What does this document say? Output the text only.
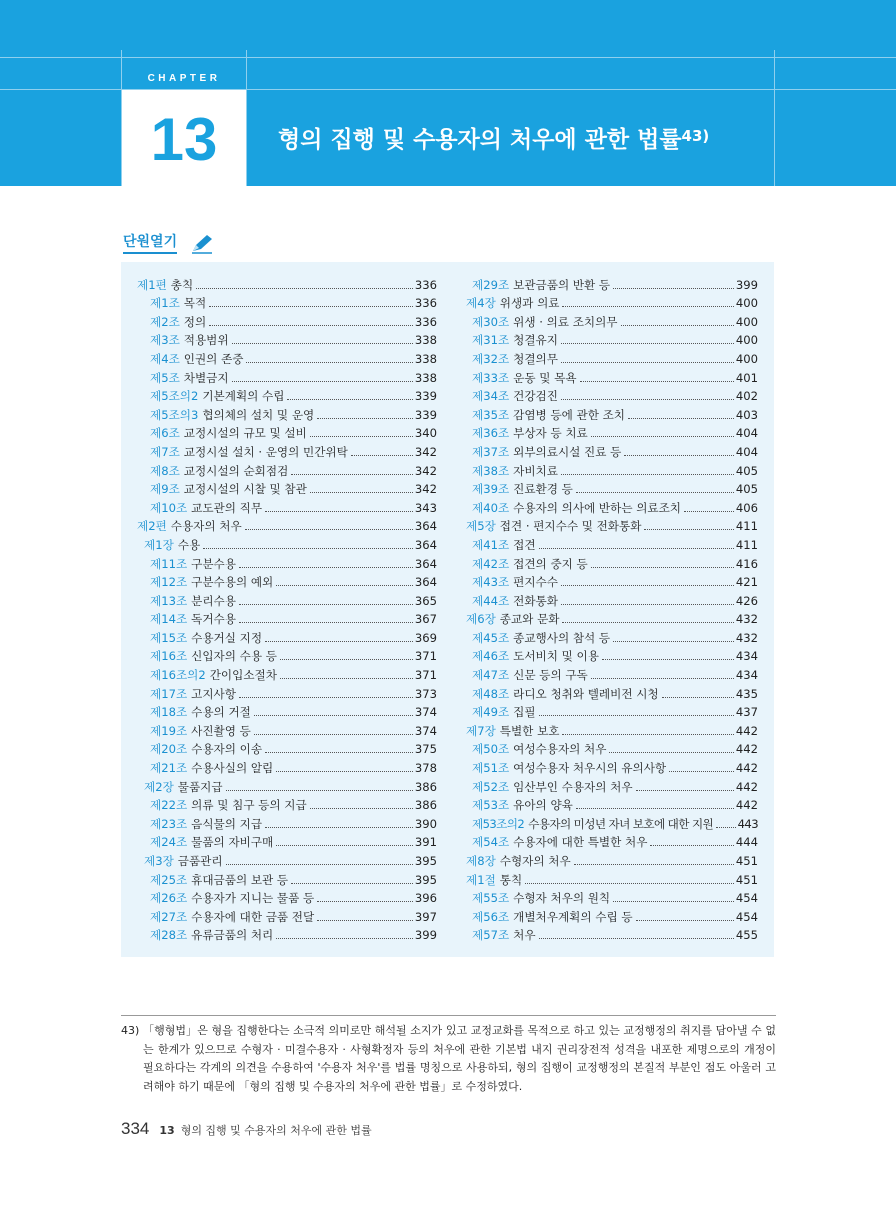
CHAPTER
13	형의 집행 및 수용자의 처우에 관한 법률$^{43)}$
단원열기
제1편 총칙	336
제1조 목적	336
제2조 정의	336
제3조 적용범위	338
제4조 인권의 존중	338
제5조 차별금지	338
제5조의2 기본계획의 수립	339
제5조의3 협의체의 설치 및 운영	339
제6조 교정시설의 규모 및 설비	340
제7조 교정시설 설치 · 운영의 민간위탁	342
제8조 교정시설의 순회점검	342
제9조 교정시설의 시찰 및 참관	342
제10조 교도관의 직무	343
제2편 수용자의 처우	364
제1장 수용	364
제11조 구분수용	364
제12조 구분수용의 예외	364
제13조 분리수용	365
제14조 독거수용	367
제15조 수용거실 지정	369
제16조 신입자의 수용 등	371
제16조의2 간이입소절차	371
제17조 고지사항	373
제18조 수용의 거절	374
제19조 사진촬영 등	374
제20조 수용자의 이송	375
제21조 수용사실의 알림	378
제2장 물품지급	386
제22조 의류 및 침구 등의 지급	386
제23조 음식물의 지급	390
제24조 물품의 자비구매	391
제3장 금품관리	395
제25조 휴대금품의 보관 등	395
제26조 수용자가 지니는 물품 등	396
제27조 수용자에 대한 금품 전달	397
제28조 유류금품의 처리	399
제29조 보관금품의 반환 등	399
제4장 위생과 의료	400
제30조 위생 · 의료 조치의무	400
제31조 청결유지	400
제32조 청결의무	400
제33조 운동 및 목욕	401
제34조 건강검진	402
제35조 감염병 등에 관한 조치	403
제36조 부상자 등 치료	404
제37조 외부의료시설 진료 등	404
제38조 자비치료	405
제39조 진료환경 등	405
제40조 수용자의 의사에 반하는 의료조치	406
제5장 접견 · 편지수수 및 전화통화	411
제41조 접견	411
제42조 접견의 중지 등	416
제43조 편지수수	421
제44조 전화통화	426
제6장 종교와 문화	432
제45조 종교행사의 참석 등	432
제46조 도서비치 및 이용	434
제47조 신문 등의 구독	434
제48조 라디오 청취와 텔레비전 시청	435
제49조 집필	437
제7장 특별한 보호	442
제50조 여성수용자의 처우	442
제51조 여성수용자 처우시의 유의사항	442
제52조 임산부인 수용자의 처우	442
제53조 유아의 양육	442
제53조의2 수용자의 미성년 자녀 보호에 대한 지원 443
제54조 수용자에 대한 특별한 처우	444
제8장 수형자의 처우	451
제1절 통칙	451
제55조 수형자 처우의 원칙	454
제56조 개별처우계획의 수립 등	454
제57조 처우	455
43) 「행형법」은 형을 집행한다는 소극적 의미로만 해석될 소지가 있고 교정교화를 목적으로 하고 있는 교정행정의 취지를 담아낼 수 없는 한계가 있으므로 수형자 · 미결수용자 · 사형확정자 등의 처우에 관한 기본법 내지 권리장전적 성격을 내포한 제명으로의 개정이 필요하다는 각계의 의견을 수용하여 '수용자 처우'를 법률 명칭으로 사용하되, 형의 집행이 교정행정의 본질적 부분인 점도 아울러 고려해야 하기 때문에 「형의 집행 및 수용자의 처우에 관한 법률」로 수정하였다.
334 13 형의 집행 및 수용자의 처우에 관한 법률
